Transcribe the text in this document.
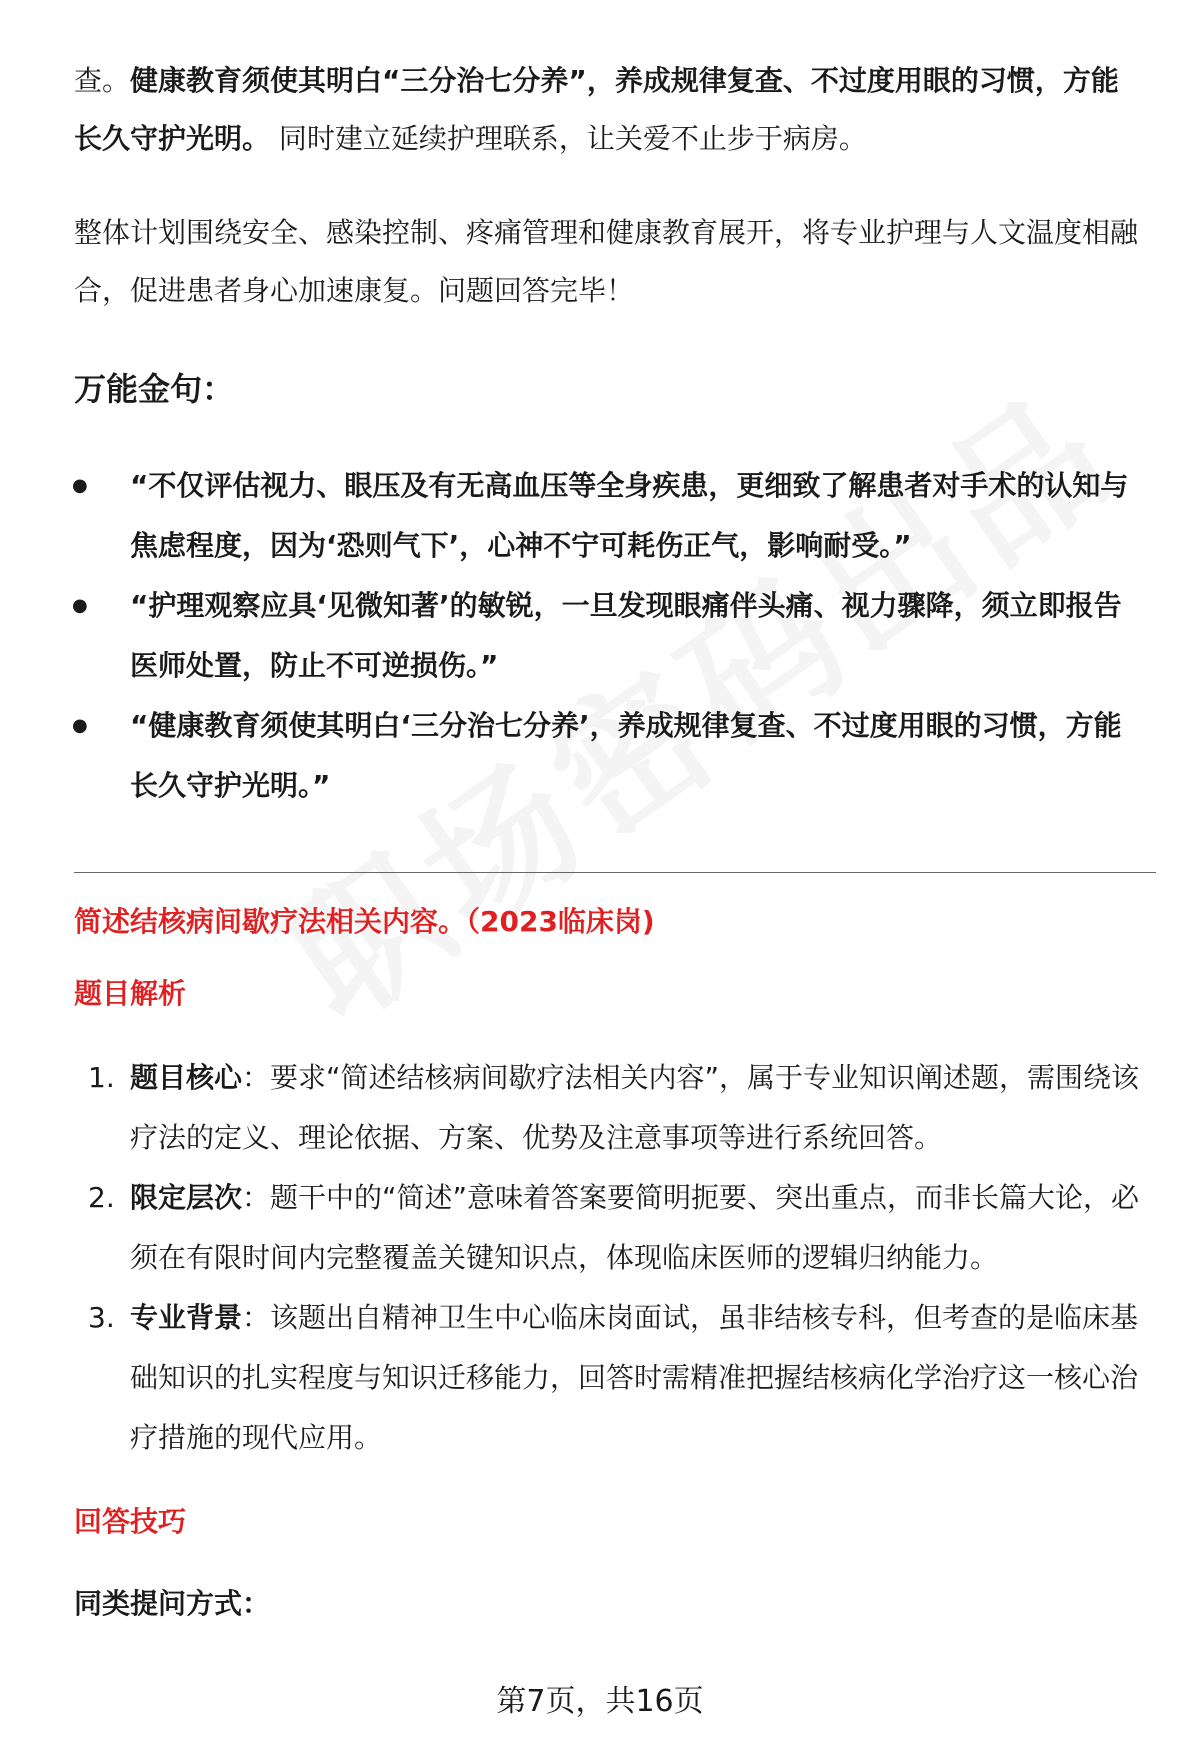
查。健康教育须使其明白“三分治七分养”，养成规律复查、不过度用眼的习惯，方能长久守护光明。 同时建立延续护理联系，让关爱不止步于病房。

整体计划围绕安全、感染控制、疼痛管理和健康教育展开，将专业护理与人文温度相融合，促进患者身心加速康复。问题回答完毕！

万能金句：
● “不仅评估视力、眼压及有无高血压等全身疾患，更细致了解患者对手术的认知与焦虑程度，因为‘恐则气下’，心神不宁可耗伤正气，影响耐受。”
● “护理观察应具‘见微知著’的敏锐，一旦发现眼痛伴头痛、视力骤降，须立即报告医师处置，防止不可逆损伤。”
● “健康教育须使其明白‘三分治七分养’，养成规律复查、不过度用眼的习惯，方能长久守护光明。”
简述结核病间歇疗法相关内容。（2023临床岗)
题目解析
1. 题目核心：要求“简述结核病间歇疗法相关内容”，属于专业知识阐述题，需围绕该疗法的定义、理论依据、方案、优势及注意事项等进行系统回答。
2. 限定层次：题干中的“简述”意味着答案要简明扼要、突出重点，而非长篇大论，必须在有限时间内完整覆盖关键知识点，体现临床医师的逻辑归纳能力。
3. 专业背景：该题出自精神卫生中心临床岗面试，虽非结核专科，但考查的是临床基础知识的扎实程度与知识迁移能力，回答时需精准把握结核病化学治疗这一核心治疗措施的现代应用。
回答技巧
同类提问方式：
第7页，共16页
